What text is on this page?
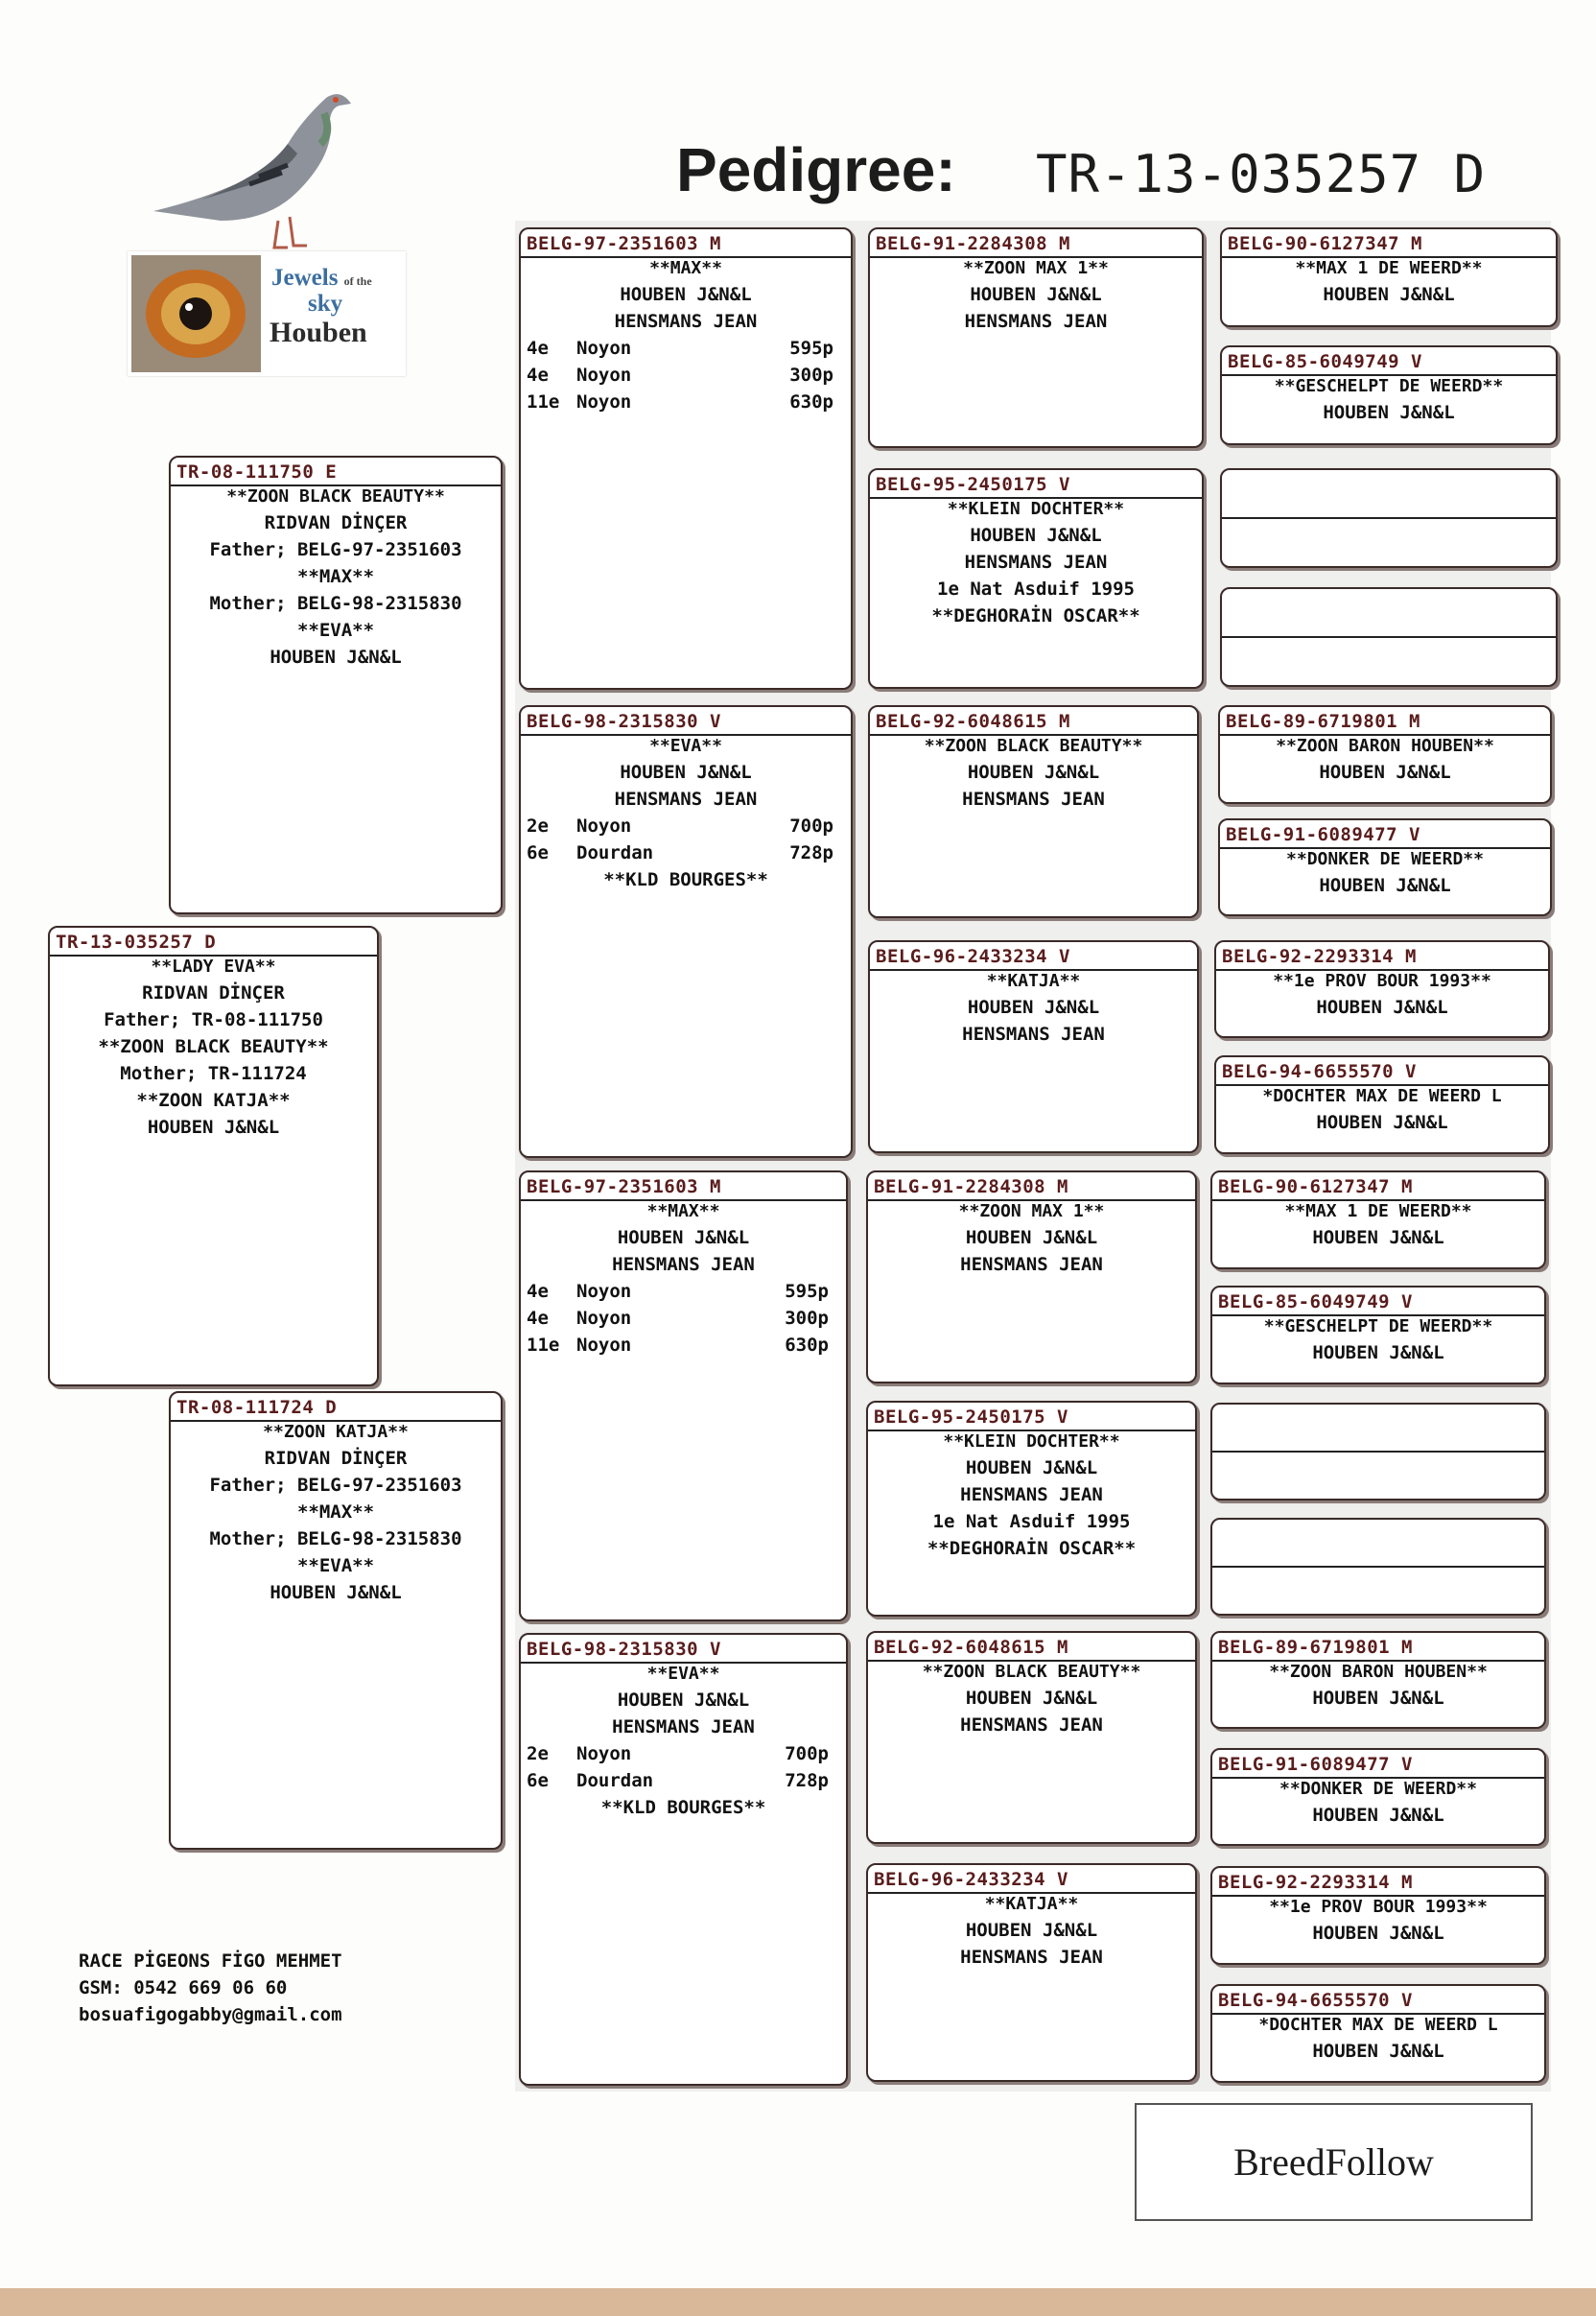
Jewels of the
sky
Houben
Pedigree: TR-13-035257 D
RACE PİGEONS FİGO MEHMET
GSM: 0542 669 06 60
bosuafigogabby@gmail.com
BreedFollow
TR-13-035257 D
**LADY EVA**
RIDVAN DİNÇER
Father; TR-08-111750
**ZOON BLACK BEAUTY**
Mother; TR-111724
**ZOON KATJA**
HOUBEN J&N&L
TR-08-111750 E
**ZOON BLACK BEAUTY**
RIDVAN DİNÇER
Father; BELG-97-2351603
**MAX**
Mother; BELG-98-2315830
**EVA**
HOUBEN J&N&L
TR-08-111724 D
**ZOON KATJA**
RIDVAN DİNÇER
Father; BELG-97-2351603
**MAX**
Mother; BELG-98-2315830
**EVA**
HOUBEN J&N&L
BELG-97-2351603 M
**MAX**
HOUBEN J&N&L
HENSMANS JEAN
4e	Noyon	595p
4e	Noyon	300p
11e Noyon	630p
BELG-98-2315830 V
**EVA**
HOUBEN J&N&L
HENSMANS JEAN
2e	Noyon	700p
6e	Dourdan	728p
**KLD BOURGES**
BELG-97-2351603 M
**MAX**
HOUBEN J&N&L
HENSMANS JEAN
4e	Noyon	595p
4e	Noyon	300p
11e Noyon	630p
BELG-98-2315830 V
**EVA**
HOUBEN J&N&L
HENSMANS JEAN
2e	Noyon	700p
6e	Dourdan	728p
**KLD BOURGES**
BELG-91-2284308 M
**ZOON MAX 1**
HOUBEN J&N&L
HENSMANS JEAN
BELG-95-2450175 V
**KLEIN DOCHTER**
HOUBEN J&N&L
HENSMANS JEAN
1e Nat Asduif 1995
**DEGHORAİN OSCAR**
BELG-92-6048615 M
**ZOON BLACK BEAUTY**
HOUBEN J&N&L
HENSMANS JEAN
BELG-96-2433234 V
**KATJA**
HOUBEN J&N&L
HENSMANS JEAN
BELG-91-2284308 M
**ZOON MAX 1**
HOUBEN J&N&L
HENSMANS JEAN
BELG-95-2450175 V
**KLEIN DOCHTER**
HOUBEN J&N&L
HENSMANS JEAN
1e Nat Asduif 1995
**DEGHORAİN OSCAR**
BELG-92-6048615 M
**ZOON BLACK BEAUTY**
HOUBEN J&N&L
HENSMANS JEAN
BELG-96-2433234 V
**KATJA**
HOUBEN J&N&L
HENSMANS JEAN
BELG-90-6127347 M
**MAX 1 DE WEERD**
HOUBEN J&N&L
BELG-85-6049749 V
**GESCHELPT DE WEERD**
HOUBEN J&N&L
BELG-89-6719801 M
**ZOON BARON HOUBEN**
HOUBEN J&N&L
BELG-91-6089477 V
**DONKER DE WEERD**
HOUBEN J&N&L
BELG-92-2293314 M
**1e PROV BOUR 1993**
HOUBEN J&N&L
BELG-94-6655570 V
*DOCHTER MAX DE WEERD L
HOUBEN J&N&L
BELG-90-6127347 M
**MAX 1 DE WEERD**
HOUBEN J&N&L
BELG-85-6049749 V
**GESCHELPT DE WEERD**
HOUBEN J&N&L
BELG-89-6719801 M
**ZOON BARON HOUBEN**
HOUBEN J&N&L
BELG-91-6089477 V
**DONKER DE WEERD**
HOUBEN J&N&L
BELG-92-2293314 M
**1e PROV BOUR 1993**
HOUBEN J&N&L
BELG-94-6655570 V
*DOCHTER MAX DE WEERD L
HOUBEN J&N&L
